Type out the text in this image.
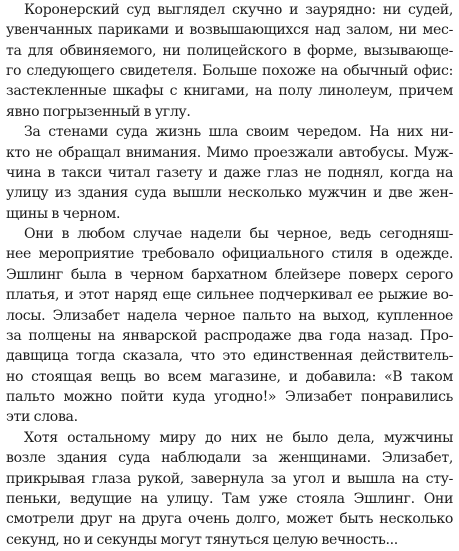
Коронерский суд выглядел скучно и заурядно: ни судей,
увенчанных париками и возвышающихся над залом, ни мес-
та для обвиняемого, ни полицейского в форме, вызывающе-
го следующего свидетеля. Больше похоже на обычный офис:
застекленные шкафы с книгами, на полу линолеум, причем
явно погрызенный в углу.
За стенами суда жизнь шла своим чередом. На них ни-
кто не обращал внимания. Мимо проезжали автобусы. Муж-
чина в такси читал газету и даже глаз не поднял, когда на
улицу из здания суда вышли несколько мужчин и две жен-
щины в черном.
Они в любом случае надели бы черное, ведь сегодняш-
нее мероприятие требовало официального стиля в одежде.
Эшлинг была в черном бархатном блейзере поверх серого
платья, и этот наряд еще сильнее подчеркивал ее рыжие во-
лосы. Элизабет надела черное пальто на выход, купленное
за полцены на январской распродаже два года назад. Про-
давщица тогда сказала, что это единственная действитель-
но стоящая вещь во всем магазине, и добавила: «В таком
пальто можно пойти куда угодно!» Элизабет понравились
эти слова.
Хотя остальному миру до них не было дела, мужчины
возле здания суда наблюдали за женщинами. Элизабет,
прикрывая глаза рукой, завернула за угол и вышла на сту-
пеньки, ведущие на улицу. Там уже стояла Эшлинг. Они
смотрели друг на друга очень долго, может быть несколько
секунд, но и секунды могут тянуться целую вечность...
